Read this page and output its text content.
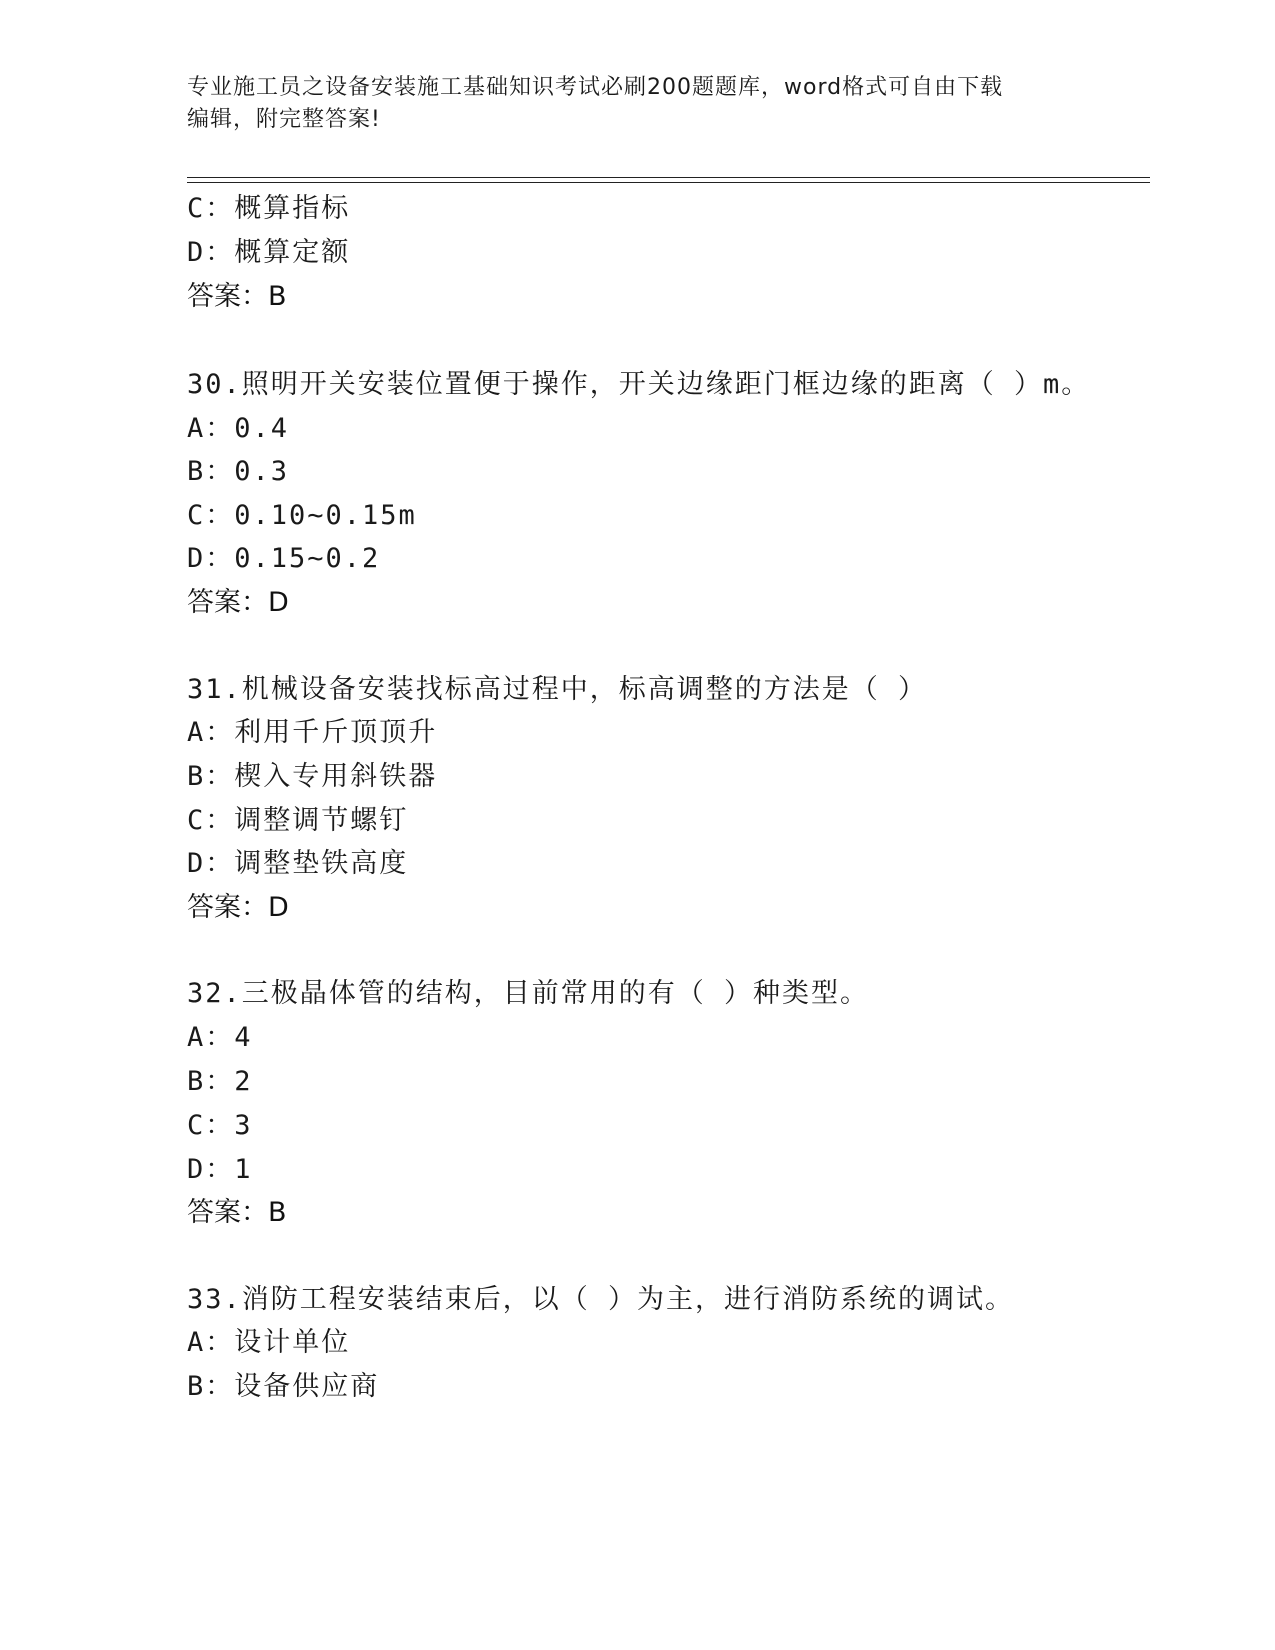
专业施工员之设备安装施工基础知识考试必刷200题题库，word格式可自由下载
编辑，附完整答案!
C：概算指标
D：概算定额
答案：B
30.照明开关安装位置便于操作，开关边缘距门框边缘的距离（ ）m。
A：0.4
B：0.3
C：0.10~0.15m
D：0.15~0.2
答案：D
31.机械设备安装找标高过程中，标高调整的方法是（ ）
A：利用千斤顶顶升
B：楔入专用斜铁器
C：调整调节螺钉
D：调整垫铁高度
答案：D
32.三极晶体管的结构，目前常用的有（ ）种类型。
A：4
B：2
C：3
D：1
答案：B
33.消防工程安装结束后，以（ ）为主，进行消防系统的调试。
A：设计单位
B：设备供应商
